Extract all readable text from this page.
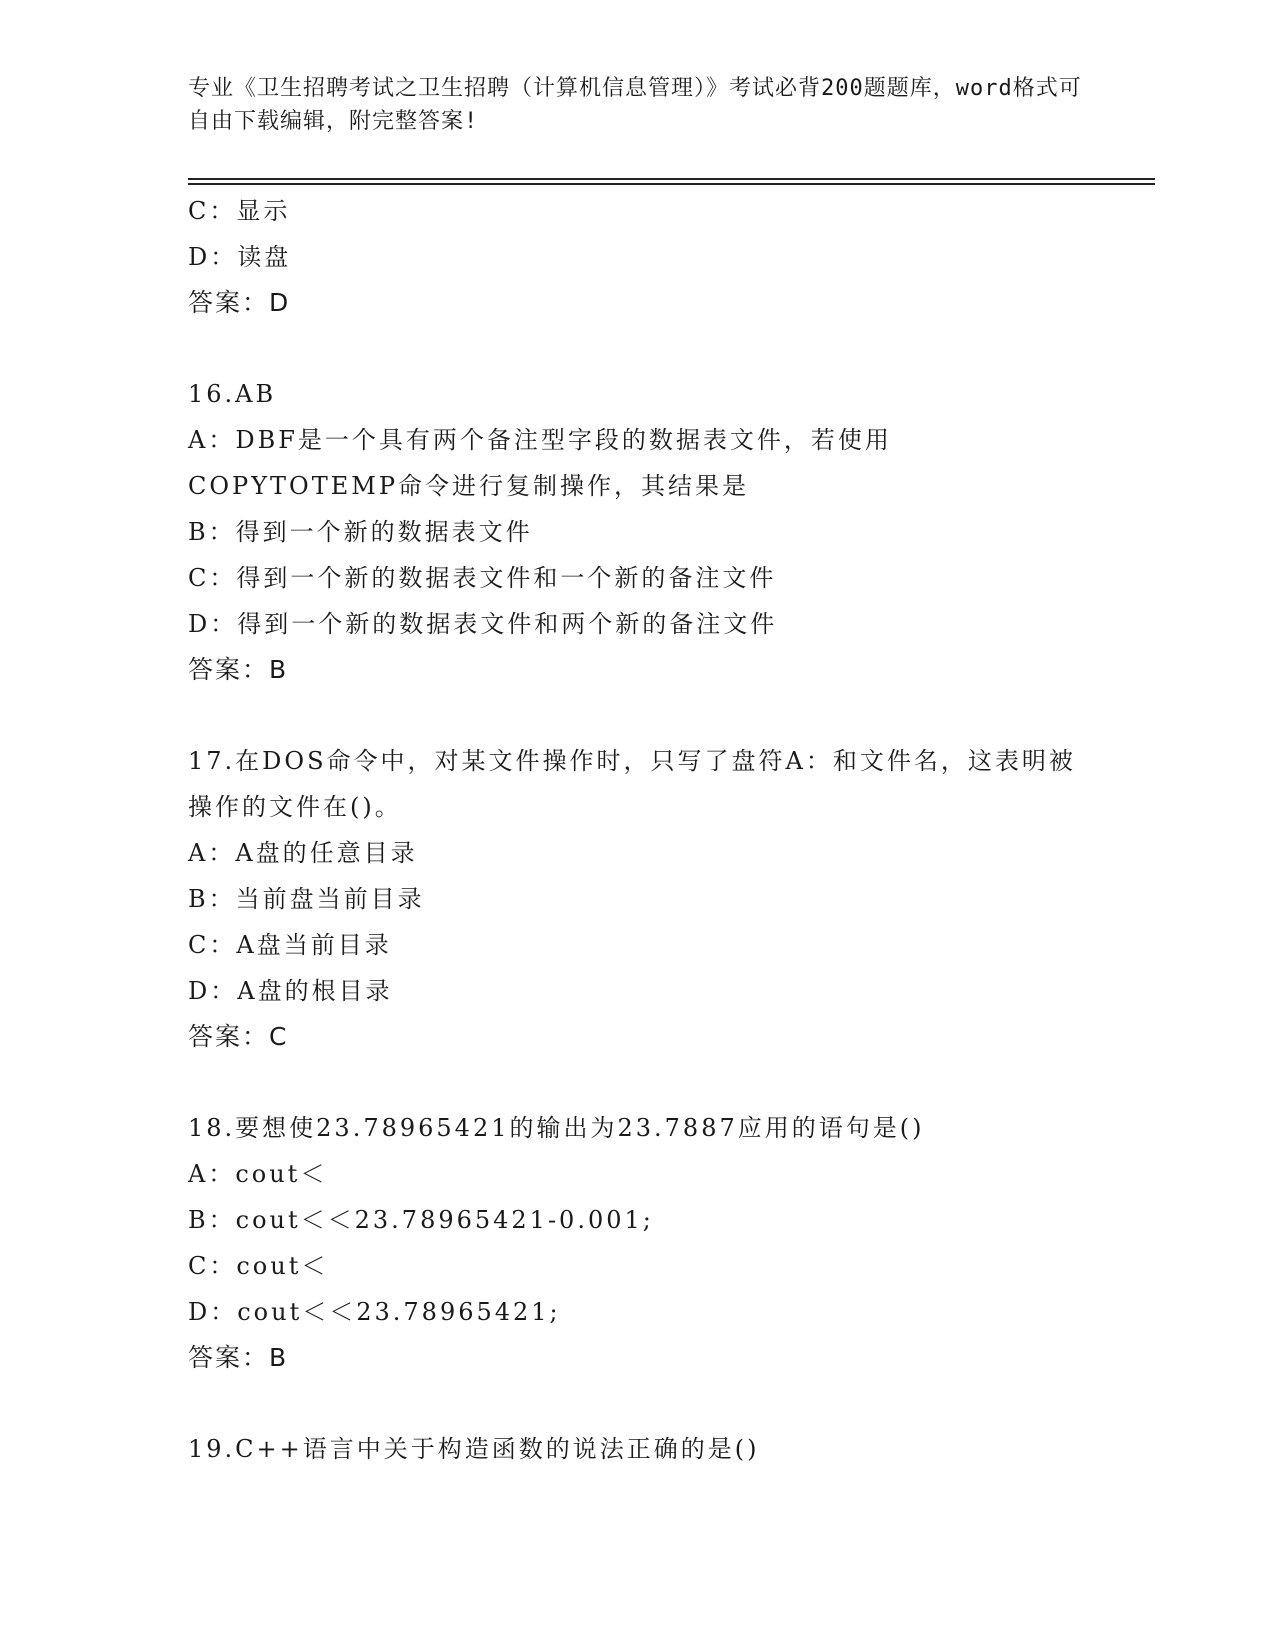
专业《卫生招聘考试之卫生招聘（计算机信息管理）》考试必背200题题库，word格式可自由下载编辑，附完整答案!
C：显示
D：读盘
答案：D
16.AB
A：DBF是一个具有两个备注型字段的数据表文件，若使用COPYTOTEMP命令进行复制操作，其结果是
B：得到一个新的数据表文件
C：得到一个新的数据表文件和一个新的备注文件
D：得到一个新的数据表文件和两个新的备注文件
答案：B
17.在DOS命令中，对某文件操作时，只写了盘符A：和文件名，这表明被操作的文件在()。
A：A盘的任意目录
B：当前盘当前目录
C：A盘当前目录
D：A盘的根目录
答案：C
18.要想使23.78965421的输出为23.7887应用的语句是()
A：cout＜
B：cout＜＜23.78965421-0.001;
C：cout＜
D：cout＜＜23.78965421;
答案：B
19.C++语言中关于构造函数的说法正确的是()
